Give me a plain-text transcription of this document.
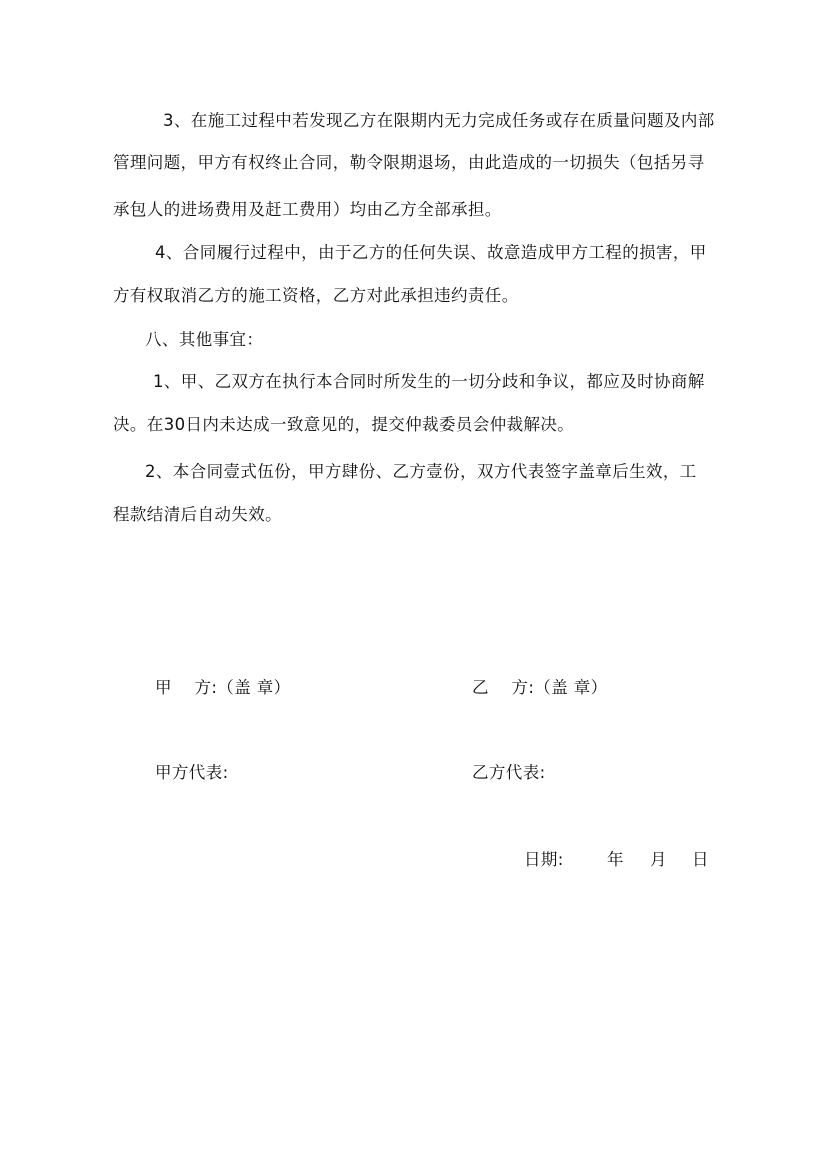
3、在施工过程中若发现乙方在限期内无力完成任务或存在质量问题及内部
管理问题，甲方有权终止合同，勒令限期退场，由此造成的一切损失（包括另寻
承包人的进场费用及赶工费用）均由乙方全部承担。
4、合同履行过程中，由于乙方的任何失误、故意造成甲方工程的损害，甲
方有权取消乙方的施工资格，乙方对此承担违约责任。
八、其他事宜：
1、甲、乙双方在执行本合同时所发生的一切分歧和争议，都应及时协商解
决。在30日内未达成一致意见的，提交仲裁委员会仲裁解决。
2、本合同壹式伍份，甲方肆份、乙方壹份，双方代表签字盖章后生效，工
程款结清后自动失效。
甲　 方:（盖 章）	乙　 方:（盖 章）
甲方代表:	乙方代表:
日期:	年 月 日
